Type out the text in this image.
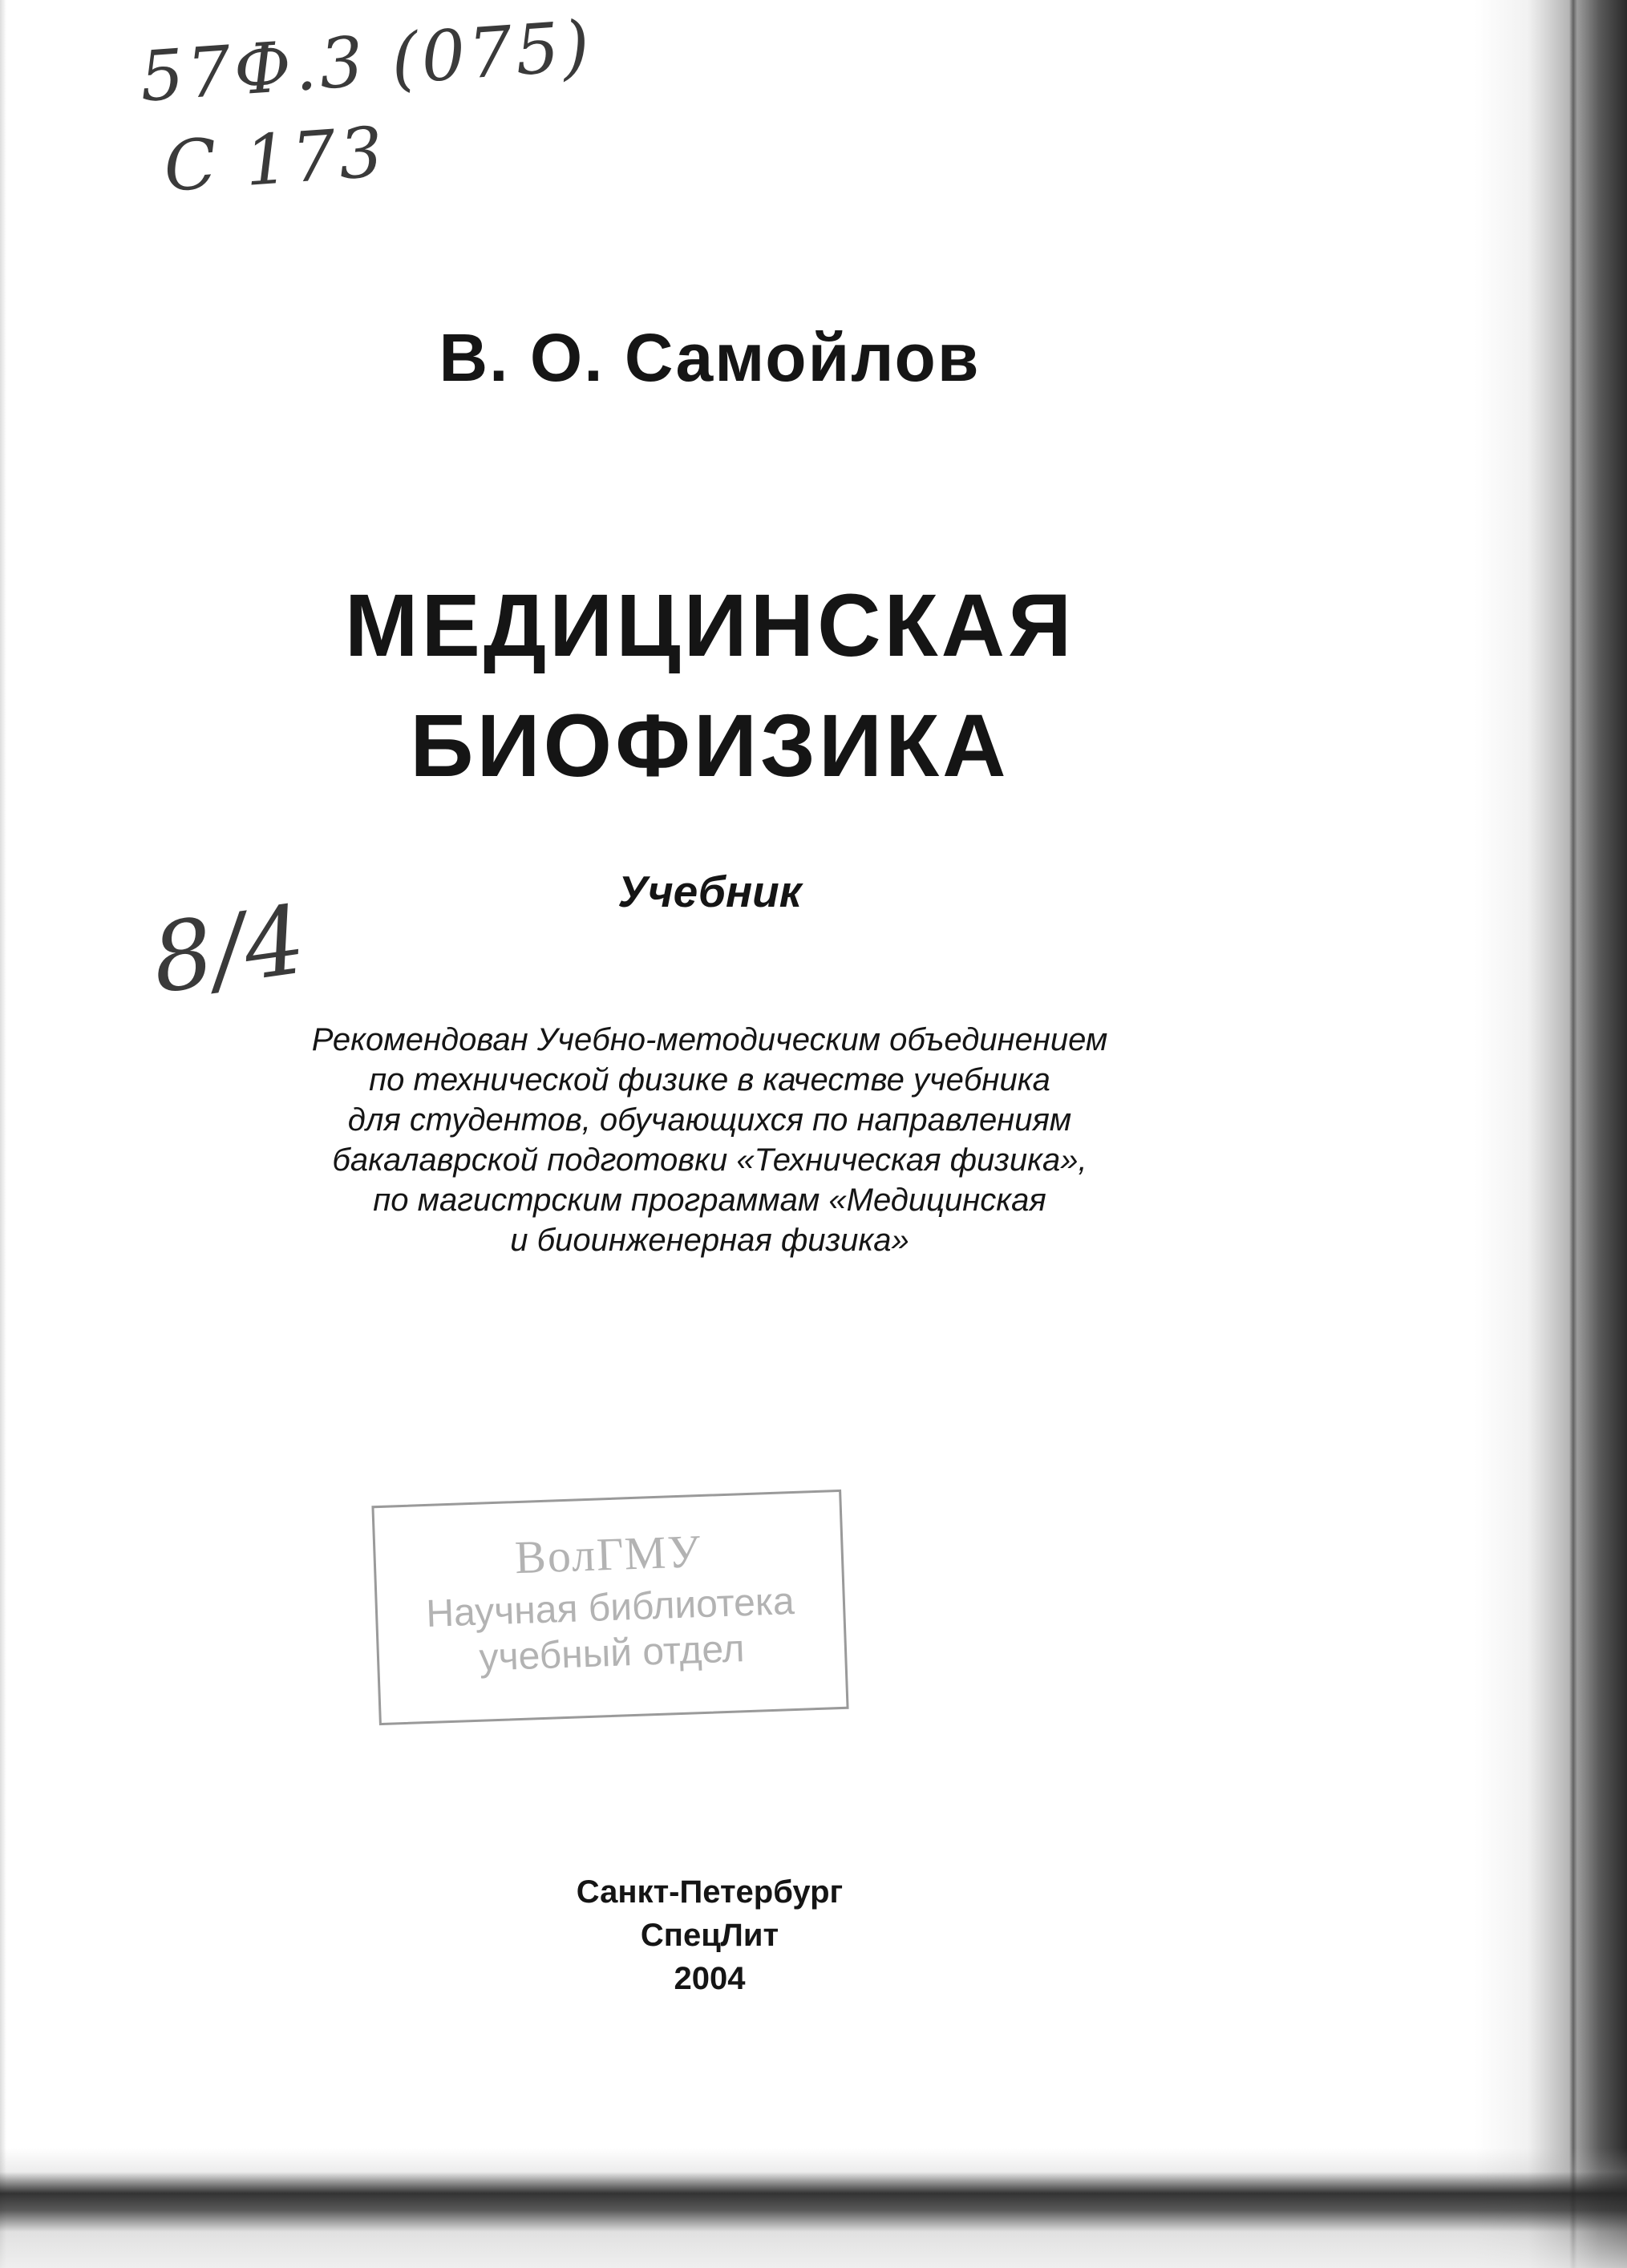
57Ф.3 (075)
С 173
8/4
В. О. Самойлов
МЕДИЦИНСКАЯ
БИОФИЗИКА
Учебник
Рекомендован Учебно-методическим объединением
по технической физике в качестве учебника
для студентов, обучающихся по направлениям
бакалаврской подготовки «Техническая физика»,
по магистрским программам «Медицинская
и биоинженерная физика»
ВолГМУ
Научная библиотека
учебный отдел
Санкт-Петербург
СпецЛит
2004
